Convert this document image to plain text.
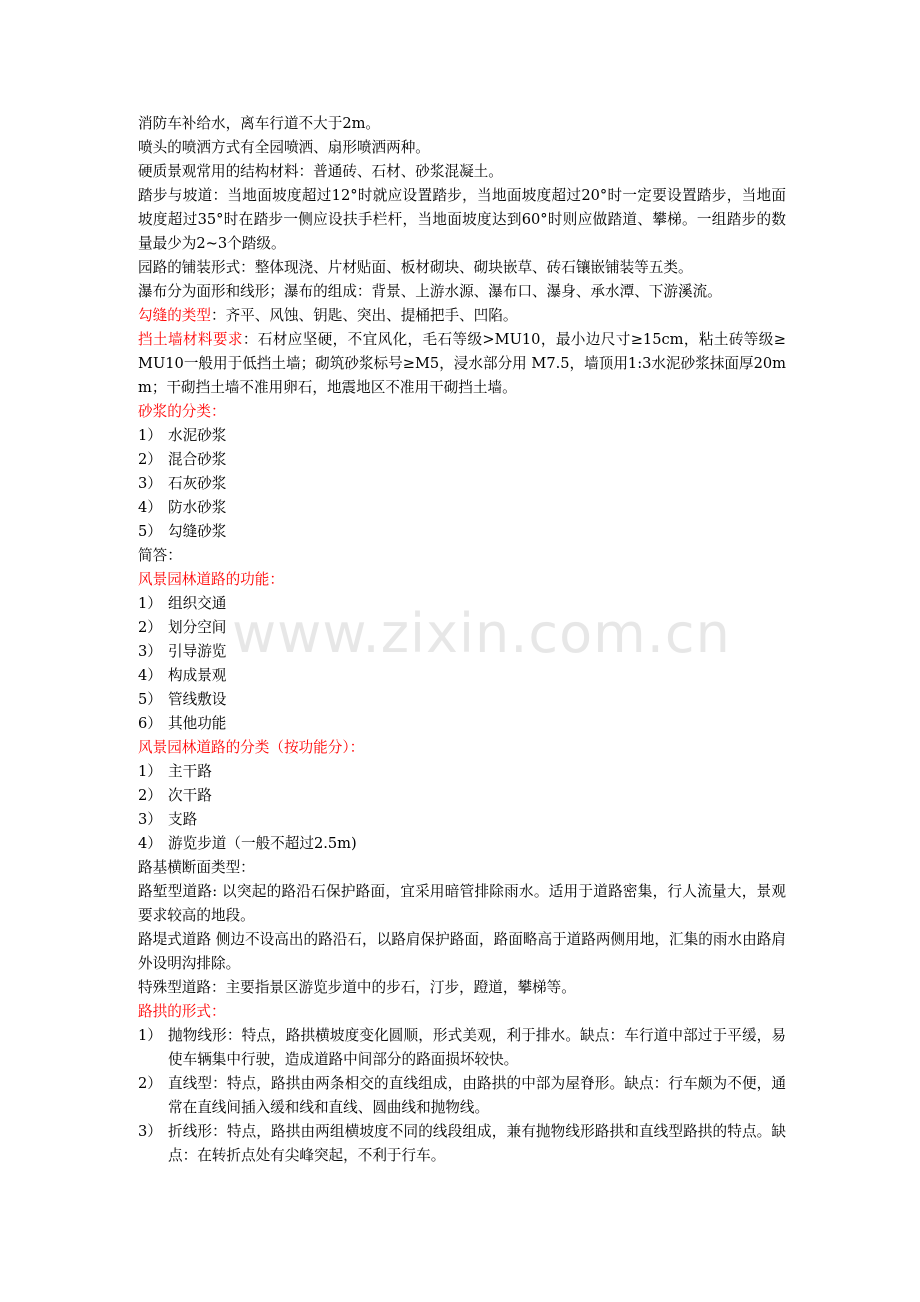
消防车补给水，离车行道不大于2m。
喷头的喷洒方式有全园喷洒、扇形喷洒两种。
硬质景观常用的结构材料：普通砖、石材、砂浆混凝土。
踏步与坡道：当地面坡度超过12°时就应设置踏步，当地面坡度超过20°时一定要设置踏步，当地面坡度超过35°时在踏步一侧应设扶手栏杆，当地面坡度达到60°时则应做踏道、攀梯。一组踏步的数量最少为2~3个踏级。
园路的铺装形式：整体现浇、片材贴面、板材砌块、砌块嵌草、砖石镶嵌铺装等五类。
瀑布分为面形和线形；瀑布的组成：背景、上游水源、瀑布口、瀑身、承水潭、下游溪流。
勾缝的类型：齐平、风蚀、钥匙、突出、提桶把手、凹陷。
挡土墙材料要求：石材应坚硬，不宜风化，毛石等级>MU10，最小边尺寸≥15cm，粘土砖等级≥MU10一般用于低挡土墙；砌筑砂浆标号≥M5，浸水部分用 M7.5，墙顶用1:3水泥砂浆抹面厚20mm；干砌挡土墙不准用卵石，地震地区不准用干砌挡土墙。
砂浆的分类：
1） 水泥砂浆
2） 混合砂浆
3） 石灰砂浆
4） 防水砂浆
5） 勾缝砂浆
简答：
风景园林道路的功能：
1） 组织交通
2） 划分空间
3） 引导游览
4） 构成景观
5） 管线敷设
6） 其他功能
风景园林道路的分类（按功能分）：
1） 主干路
2） 次干路
3） 支路
4） 游览步道（一般不超过2.5m)
路基横断面类型：
路堑型道路: 以突起的路沿石保护路面，宜采用暗管排除雨水。适用于道路密集，行人流量大，景观要求较高的地段。
路堤式道路 侧边不设高出的路沿石，以路肩保护路面，路面略高于道路两侧用地，汇集的雨水由路肩外设明沟排除。
特殊型道路：主要指景区游览步道中的步石，汀步，蹬道，攀梯等。
路拱的形式：
1） 抛物线形：特点，路拱横坡度变化圆顺，形式美观，利于排水。缺点：车行道中部过于平缓，易使车辆集中行驶，造成道路中间部分的路面损坏较快。
2） 直线型：特点，路拱由两条相交的直线组成，由路拱的中部为屋脊形。缺点：行车颇为不便，通常在直线间插入缓和线和直线、圆曲线和抛物线。
3） 折线形：特点，路拱由两组横坡度不同的线段组成，兼有抛物线形路拱和直线型路拱的特点。缺点：在转折点处有尖峰突起，不利于行车。
www.zixin.com.cn
